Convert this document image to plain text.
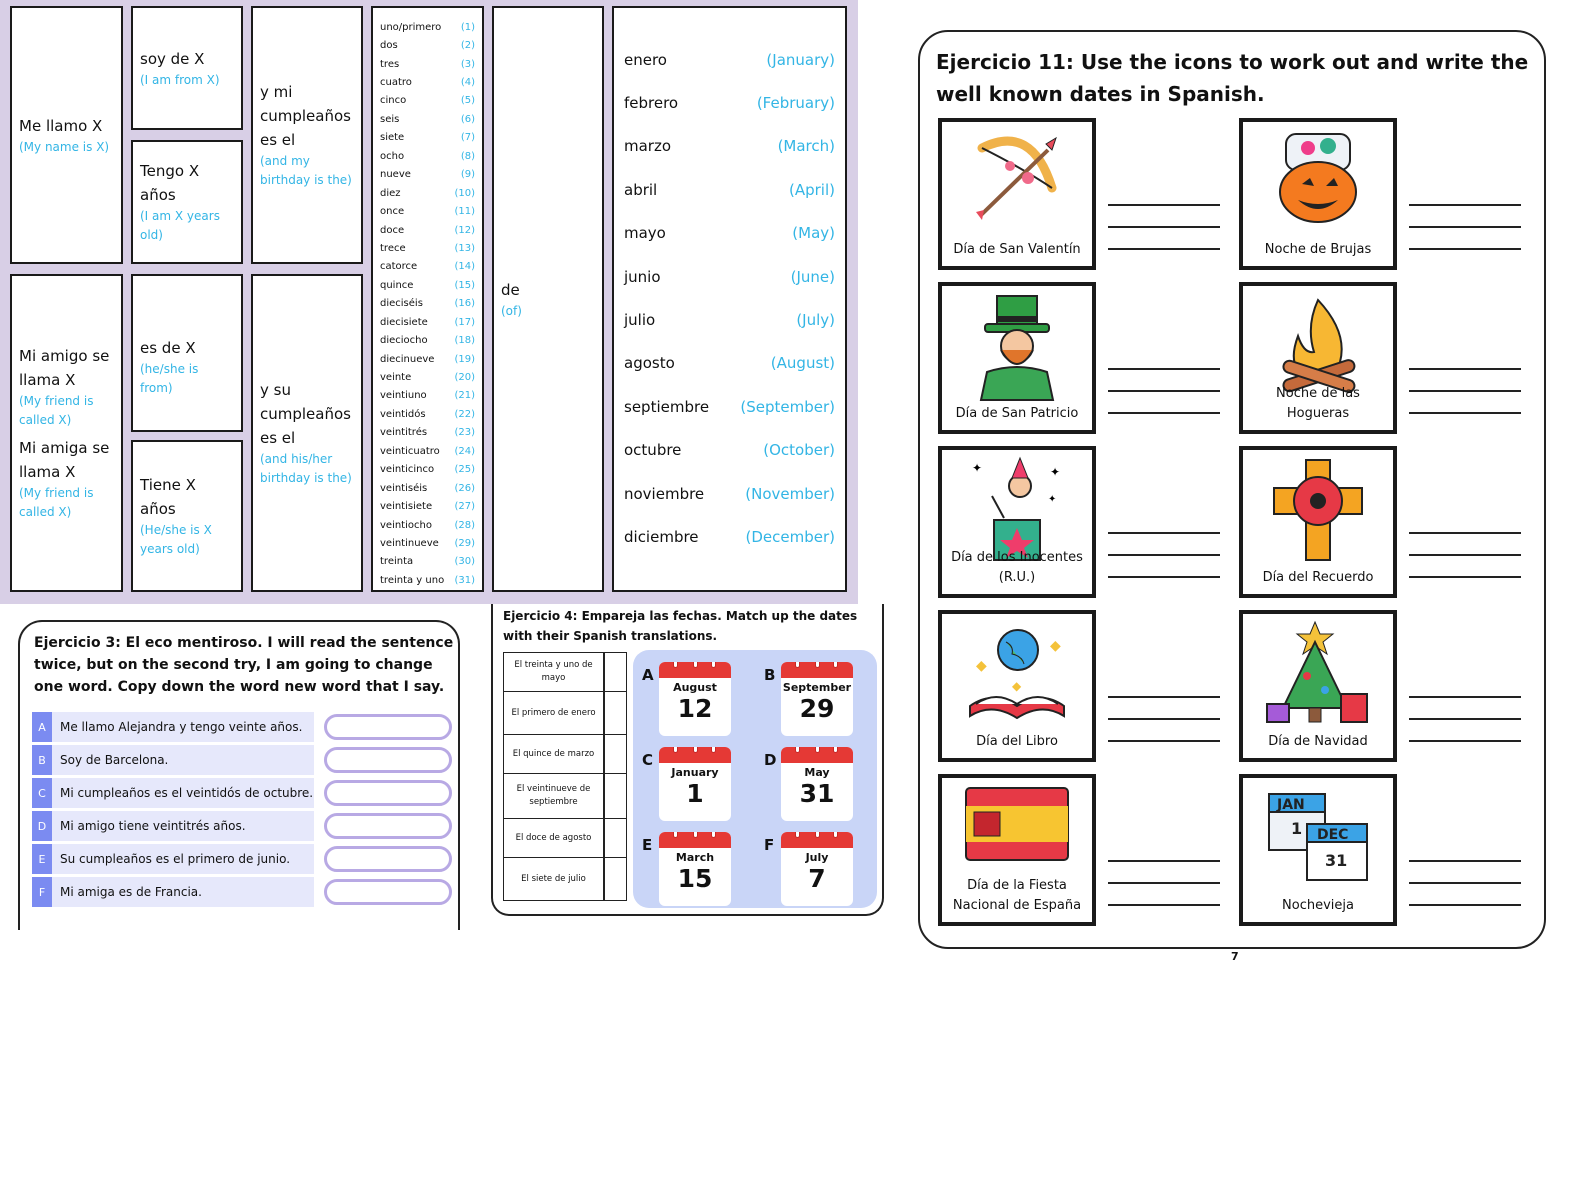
Me llamo X
(My name is X)
Mi amigo se llama X
(My friend is called X)
Mi amiga se llama X
(My friend is called X)
soy de X
(I am from X)
Tengo X años
(I am X years old)
es de X
(he/she is from)
Tiene X años
(He/she is X years old)
y mi cumpleaños es el
(and my birthday is the)
y su cumpleaños es el
(and his/her birthday is the)
uno/primero (1)
dos	(2)
tres	(3)
cuatro	(4)
cinco	(5)
seis	(6)
siete	(7)
ocho	(8)
nueve	(9)
diez	(10)
once	(11)
doce	(12)
trece	(13)
catorce	(14)
quince	(15)
dieciséis	(16)
diecisiete	(17)
dieciocho	(18)
diecinueve (19)
veinte	(20)
veintiuno	(21)
veintidós	(22)
veintitrés	(23)
veinticuatro (24)
veinticinco (25)
veintiséis	(26)
veintisiete (27)
veintiocho (28)
veintinueve (29)
treinta	(30)
treinta y uno (31)
de
(of)
enero	(January)
febrero	(February)
marzo	(March)
abril	(April)
mayo	(May)
junio	(June)
julio	(July)
agosto	(August)
septiembre (September)
octubre	(October)
noviembre	(November)
diciembre	(December)
Ejercicio 3: El eco mentiroso. I will read the sentence twice, but on the second try, I am going to change one word. Copy down the word new word that I say.
A	Me llamo Alejandra y tengo veinte años.
B	Soy de Barcelona.
C	Mi cumpleaños es el veintidós de octubre.
D	Mi amigo tiene veintitrés años.
E	Su cumpleaños es el primero de junio.
F	Mi amiga es de Francia.
Ejercicio 4: Empareja las fechas. Match up the dates with their Spanish translations.
El treinta y uno de mayo
El primero de enero
El quince de marzo
El veintinueve de septiembre
El doce de agosto
El siete de julio
A
August
12
B
September
29
C
January
1
D
May
31
E
March
15
F
July
7
Ejercicio 11: Use the icons to work out and write the well known dates in Spanish.
Día de San Valentín	Noche de Brujas
Día de San Patricio
Noche de las Hogueras
✦	✦
✦
Día de los Inocentes (R.U.)	Día del Recuerdo
◆
◆
◆
Día del Libro	Día de Navidad
Día de la Fiesta Nacional de España
JAN
1 DEC
31
Nochevieja
7
